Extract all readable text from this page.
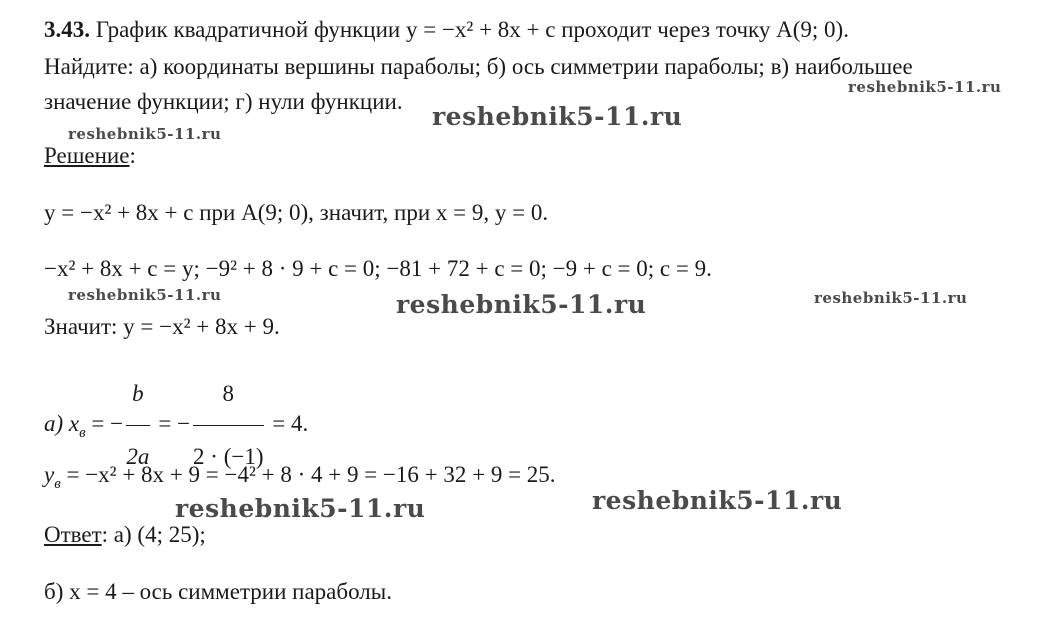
3.43. График квадратичной функции y = −x² + 8x + c проходит через точку A(9; 0).
Найдите: а) координаты вершины параболы; б) ось симметрии параболы; в) наибольшее
значение функции; г) нули функции.
Решение:
y = −x² + 8x + c при A(9; 0), значит, при x = 9, y = 0.
−x² + 8x + c = y; −9² + 8 · 9 + c = 0; −81 + 72 + c = 0; −9 + c = 0; c = 9.
Значит: y = −x² + 8x + 9.
а) $x_в$ = − $\frac{b}{2a}$ = − $\frac{8}{2 \cdot (-1)} = 4$.
$y_в = -x^2 + 8x + 9 = -4^2 + 8 \cdot 4 + 9 = -16 + 32 + 9 = 25$.
Ответ: а) (4; 25);
б) x = 4 – ось симметрии параболы.
reshebnik5-11.ru
reshebnik5-11.ru
reshebnik5-11.ru
reshebnik5-11.ru	reshebnik5-11.ru	reshebnik5-11.ru
reshebnik5-11.ru	reshebnik5-11.ru
